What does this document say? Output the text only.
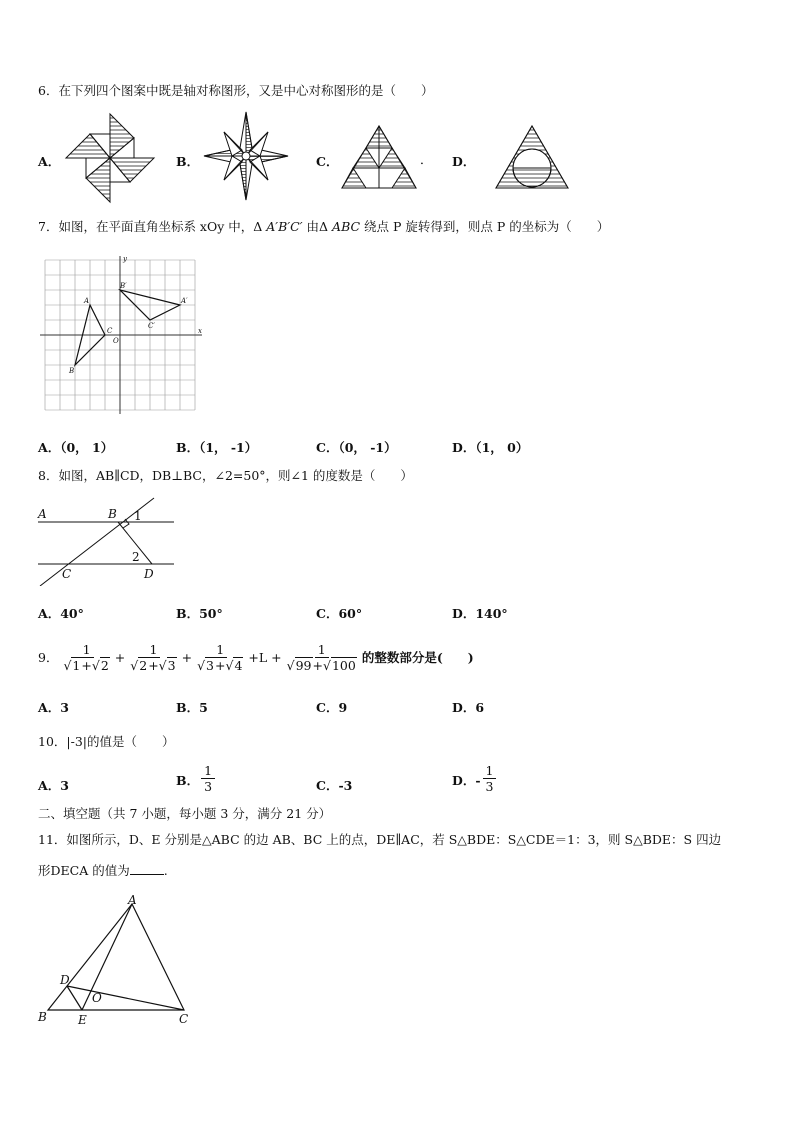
6．在下列四个图案中既是轴对称图形，又是中心对称图形的是（　　）
A．	B．	C．	． D．
7．如图，在平面直角坐标系 xOy 中，Δ A′B′C′ 由Δ ABC 绕点 P 旋转得到，则点 P 的坐标为（　　）
A
B
C
O
A′
B′
C′
x
y
A．（0， 1）	B．（1， -1）	C．（0， -1）	D．（1， 0）
8．如图，AB∥CD，DB⊥BC，∠2=50°，则∠1 的度数是（　　）
A	B 1
2
C	D
A．40°	B．50°	C．60°	D．140°
9． $\frac{1}{√1+√2} + \frac{1}{√2+√3} + \frac{1}{√3+√4} +L + \frac{1}{√99+√100}$ 的整数部分是(　　)
A．3	B．5	C．9	D．6
10．|-3|的值是（　　）
A．3	B． $\frac{1}{3}$	C．-3	D．- $\frac{1}{3}$
二、填空题（共 7 小题，每小题 3 分，满分 21 分）
11．如图所示，D、E 分别是△ABC 的边 AB、BC 上的点，DE∥AC，若 S△BDE：S△CDE＝1：3，则 S△BDE：S 四边
形DECA 的值为	.
A
B	C
D
E
O
